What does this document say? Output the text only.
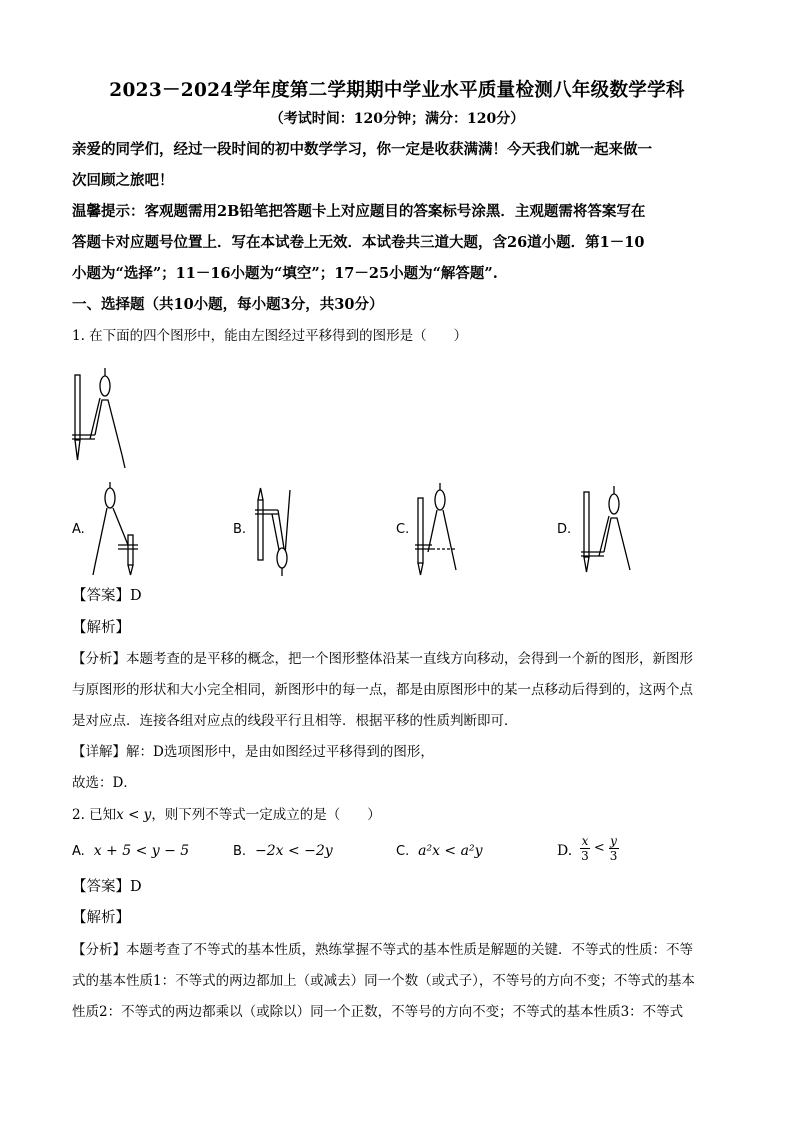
2023－2024学年度第二学期期中学业水平质量检测八年级数学学科
（考试时间：120分钟；满分：120分）
亲爱的同学们，经过一段时间的初中数学学习，你一定是收获满满！今天我们就一起来做一
次回顾之旅吧！
温馨提示：客观题需用2B铅笔把答题卡上对应题目的答案标号涂黑．主观题需将答案写在
答题卡对应题号位置上．写在本试卷上无效．本试卷共三道大题，含26道小题．第1－10
小题为“选择”；11－16小题为“填空”；17－25小题为“解答题”.
一、选择题（共10小题，每小题3分，共30分）
1. 在下面的四个图形中，能由左图经过平移得到的图形是（　　）
A.	B.	C.	D.
【答案】D
【解析】
【分析】本题考查的是平移的概念，把一个图形整体沿某一直线方向移动，会得到一个新的图形，新图形
与原图形的形状和大小完全相同，新图形中的每一点，都是由原图形中的某一点移动后得到的，这两个点
是对应点．连接各组对应点的线段平行且相等．根据平移的性质判断即可．
【详解】解：D选项图形中，是由如图经过平移得到的图形，
故选：D．
2. 已知x < y，则下列不等式一定成立的是（　　）
A. x + 5 < y − 5	B. −2x < −2y	C. a²x < a²y	D. $\frac{x}{3} < \frac{y}{3}$
【答案】D
【解析】
【分析】本题考查了不等式的基本性质，熟练掌握不等式的基本性质是解题的关键．不等式的性质：不等
式的基本性质1：不等式的两边都加上（或减去）同一个数（或式子），不等号的方向不变；不等式的基本
性质2：不等式的两边都乘以（或除以）同一个正数，不等号的方向不变；不等式的基本性质3：不等式
